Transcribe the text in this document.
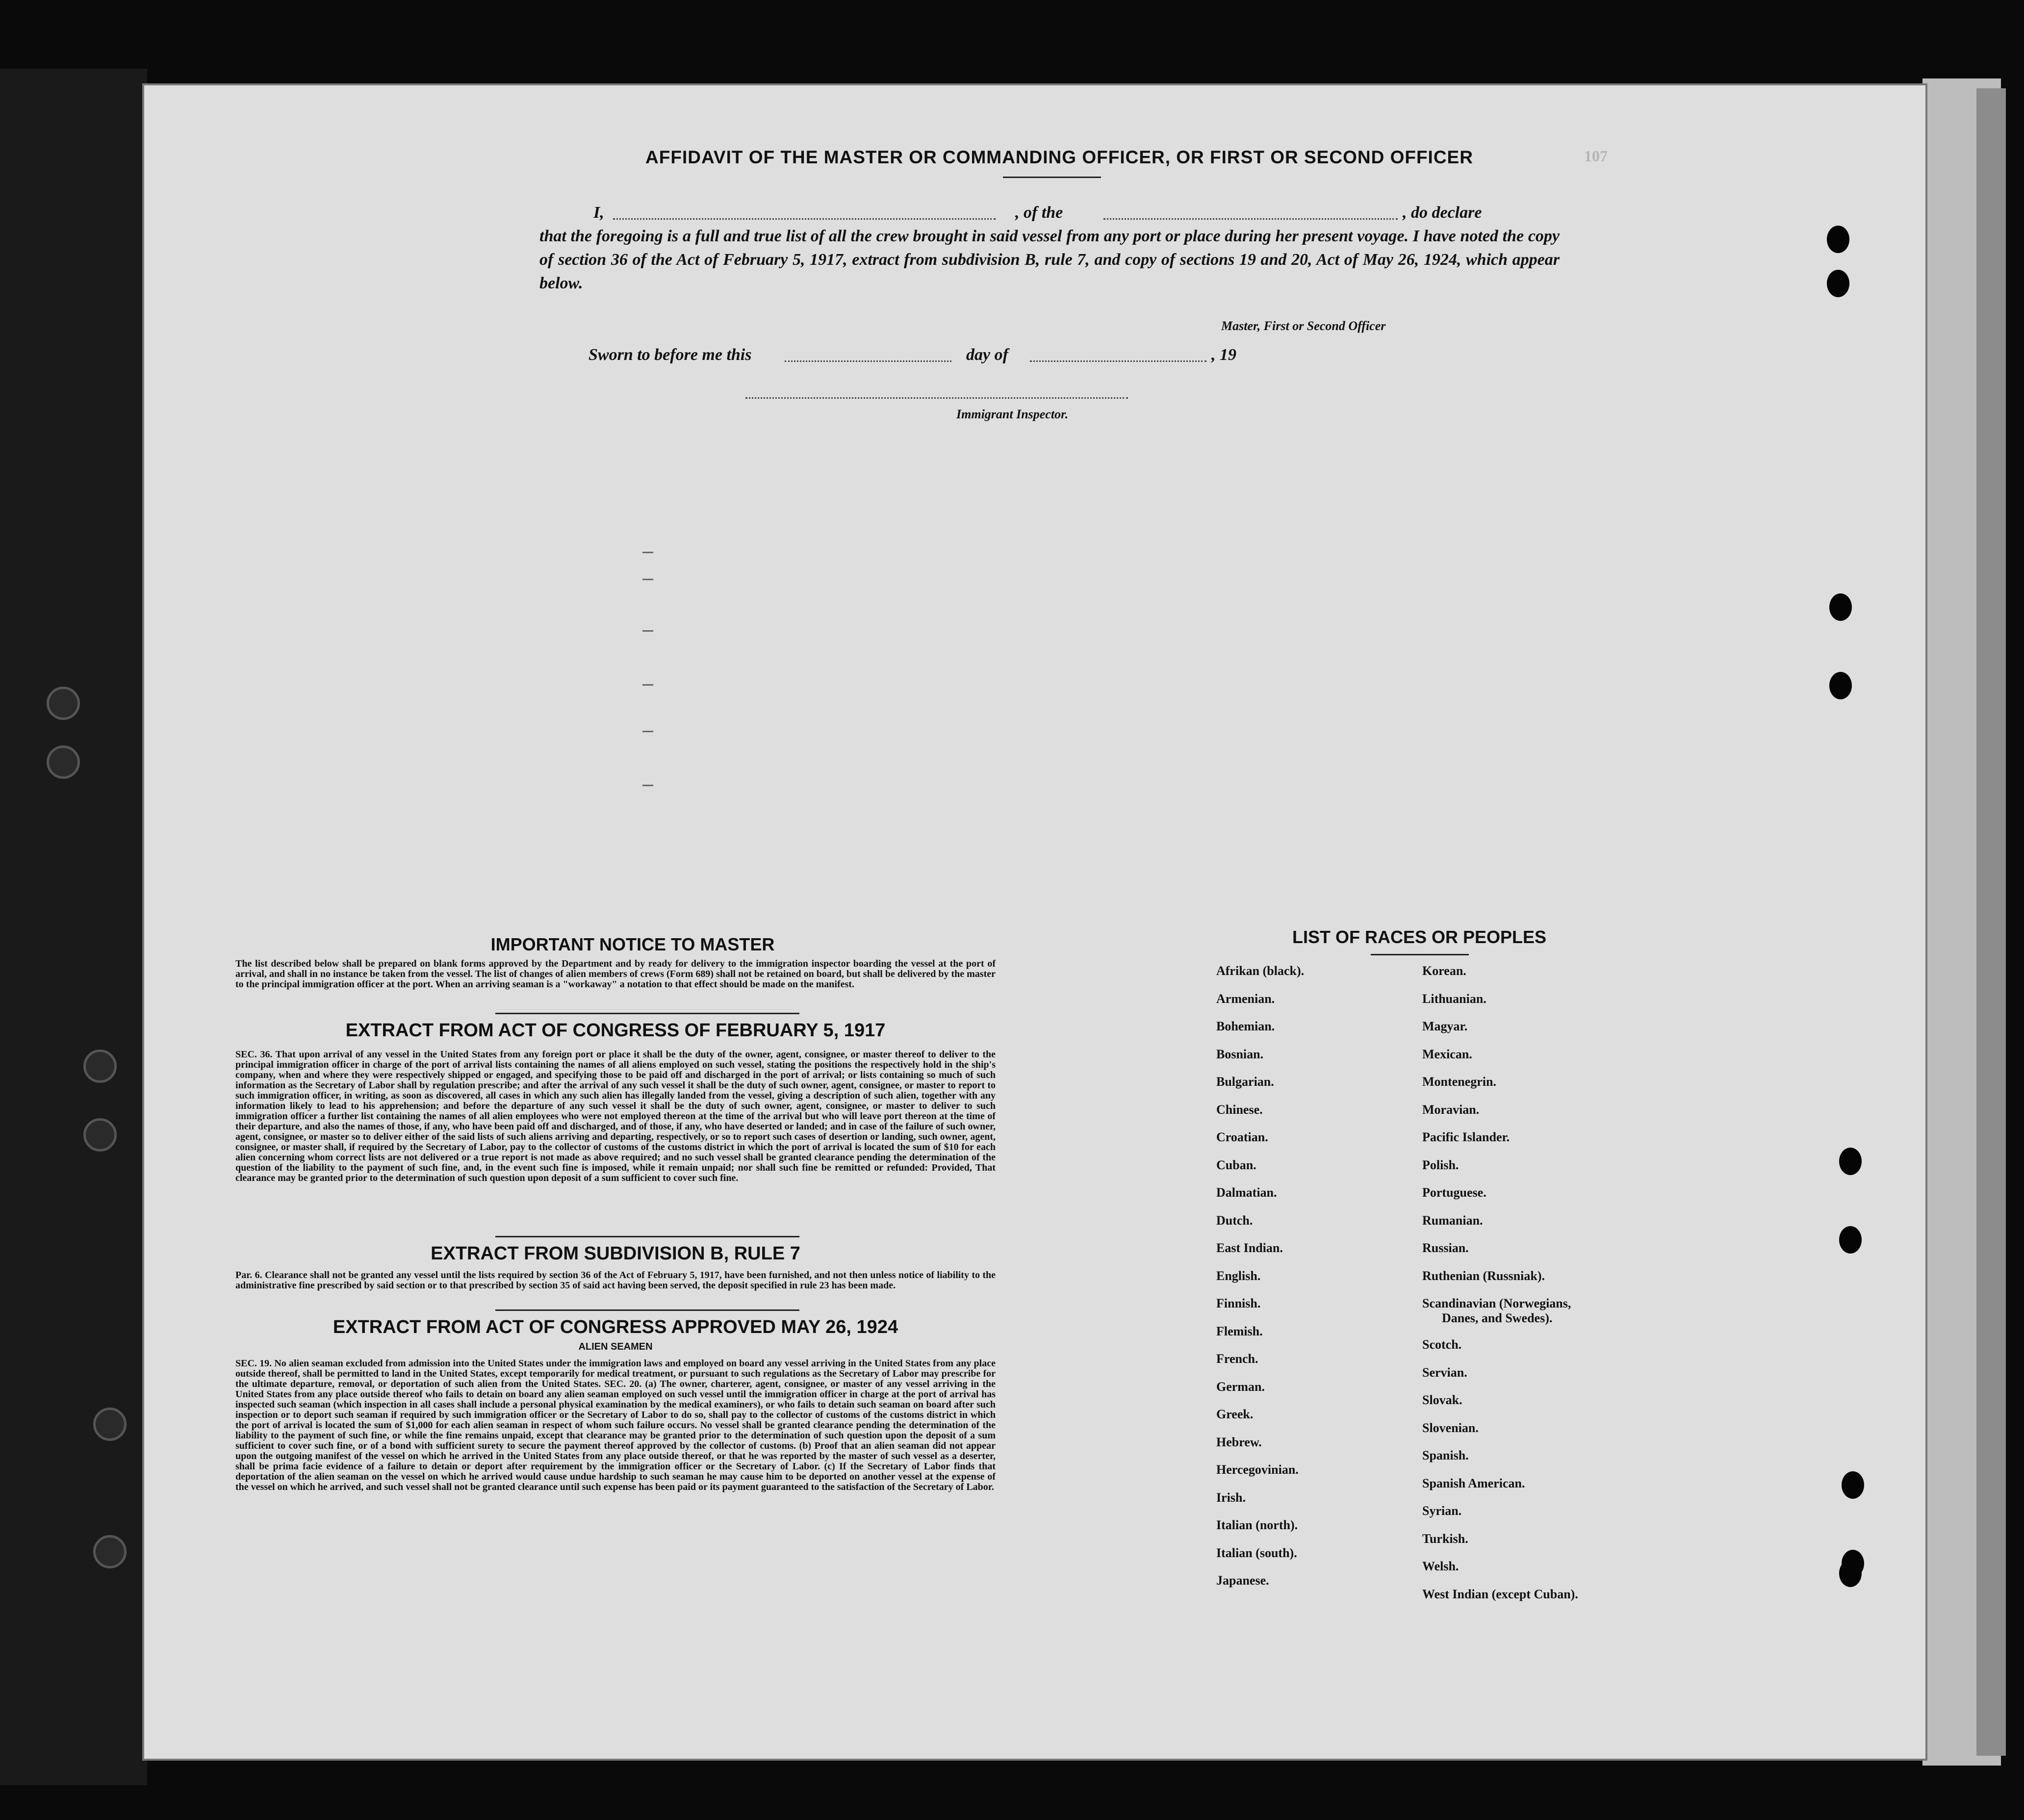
107
AFFIDAVIT OF THE MASTER OR COMMANDING OFFICER, OR FIRST OR SECOND OFFICER
I,	, of the	, do declare
that the foregoing is a full and true list of all the crew brought in said vessel from any port or place during her present voyage. I have noted the copy of section 36 of the Act of February 5, 1917, extract from subdivision B, rule 7, and copy of sections 19 and 20, Act of May 26, 1924, which appear below.
Master, First or Second Officer
Sworn to before me this	day of	, 19
Immigrant Inspector.
IMPORTANT NOTICE TO MASTER
The list described below shall be prepared on blank forms approved by the Department and by ready for delivery to the immigration inspector boarding the vessel at the port of arrival, and shall in no instance be taken from the vessel. The list of changes of alien members of crews (Form 689) shall not be retained on board, but shall be delivered by the master to the principal immigration officer at the port. When an arriving seaman is a "workaway" a notation to that effect should be made on the manifest.
EXTRACT FROM ACT OF CONGRESS OF FEBRUARY 5, 1917
SEC. 36. That upon arrival of any vessel in the United States from any foreign port or place it shall be the duty of the owner, agent, consignee, or master thereof to deliver to the principal immigration officer in charge of the port of arrival lists containing the names of all aliens employed on such vessel, stating the positions the respectively hold in the ship's company, when and where they were respectively shipped or engaged, and specifying those to be paid off and discharged in the port of arrival; or lists containing so much of such information as the Secretary of Labor shall by regulation prescribe; and after the arrival of any such vessel it shall be the duty of such owner, agent, consignee, or master to report to such immigration officer, in writing, as soon as discovered, all cases in which any such alien has illegally landed from the vessel, giving a description of such alien, together with any information likely to lead to his apprehension; and before the departure of any such vessel it shall be the duty of such owner, agent, consignee, or master to deliver to such immigration officer a further list containing the names of all alien employees who were not employed thereon at the time of the arrival but who will leave port thereon at the time of their departure, and also the names of those, if any, who have been paid off and discharged, and of those, if any, who have deserted or landed; and in case of the failure of such owner, agent, consignee, or master so to deliver either of the said lists of such aliens arriving and departing, respectively, or so to report such cases of desertion or landing, such owner, agent, consignee, or master shall, if required by the Secretary of Labor, pay to the collector of customs of the customs district in which the port of arrival is located the sum of $10 for each alien concerning whom correct lists are not delivered or a true report is not made as above required; and no such vessel shall be granted clearance pending the determination of the question of the liability to the payment of such fine, and, in the event such fine is imposed, while it remain unpaid; nor shall such fine be remitted or refunded: Provided, That clearance may be granted prior to the determination of such question upon deposit of a sum sufficient to cover such fine.
EXTRACT FROM SUBDIVISION B, RULE 7
Par. 6. Clearance shall not be granted any vessel until the lists required by section 36 of the Act of February 5, 1917, have been furnished, and not then unless notice of liability to the administrative fine prescribed by said section or to that prescribed by section 35 of said act having been served, the deposit specified in rule 23 has been made.
EXTRACT FROM ACT OF CONGRESS APPROVED MAY 26, 1924
ALIEN SEAMEN
SEC. 19. No alien seaman excluded from admission into the United States under the immigration laws and employed on board any vessel arriving in the United States from any place outside thereof, shall be permitted to land in the United States, except temporarily for medical treatment, or pursuant to such regulations as the Secretary of Labor may prescribe for the ultimate departure, removal, or deportation of such alien from the United States. SEC. 20. (a) The owner, charterer, agent, consignee, or master of any vessel arriving in the United States from any place outside thereof who fails to detain on board any alien seaman employed on such vessel until the immigration officer in charge at the port of arrival has inspected such seaman (which inspection in all cases shall include a personal physical examination by the medical examiners), or who fails to detain such seaman on board after such inspection or to deport such seaman if required by such immigration officer or the Secretary of Labor to do so, shall pay to the collector of customs of the customs district in which the port of arrival is located the sum of $1,000 for each alien seaman in respect of whom such failure occurs. No vessel shall be granted clearance pending the determination of the liability to the payment of such fine, or while the fine remains unpaid, except that clearance may be granted prior to the determination of such question upon the deposit of a sum sufficient to cover such fine, or of a bond with sufficient surety to secure the payment thereof approved by the collector of customs. (b) Proof that an alien seaman did not appear upon the outgoing manifest of the vessel on which he arrived in the United States from any place outside thereof, or that he was reported by the master of such vessel as a deserter, shall be prima facie evidence of a failure to detain or deport after requirement by the immigration officer or the Secretary of Labor. (c) If the Secretary of Labor finds that deportation of the alien seaman on the vessel on which he arrived would cause undue hardship to such seaman he may cause him to be deported on another vessel at the expense of the vessel on which he arrived, and such vessel shall not be granted clearance until such expense has been paid or its payment guaranteed to the satisfaction of the Secretary of Labor.
LIST OF RACES OR PEOPLES
Afrikan (black).
Armenian.
Bohemian.
Bosnian.
Bulgarian.
Chinese.
Croatian.
Cuban.
Dalmatian.
Dutch.
East Indian.
English.
Finnish.
Flemish.
French.
German.
Greek.
Hebrew.
Hercegovinian.
Irish.
Italian (north).
Italian (south).
Japanese.
Korean.
Lithuanian.
Magyar.
Mexican.
Montenegrin.
Moravian.
Pacific Islander.
Polish.
Portuguese.
Rumanian.
Russian.
Ruthenian (Russniak).
Scandinavian (Norwegians,
Danes, and Swedes).
Scotch.
Servian.
Slovak.
Slovenian.
Spanish.
Spanish American.
Syrian.
Turkish.
Welsh.
West Indian (except Cuban).
